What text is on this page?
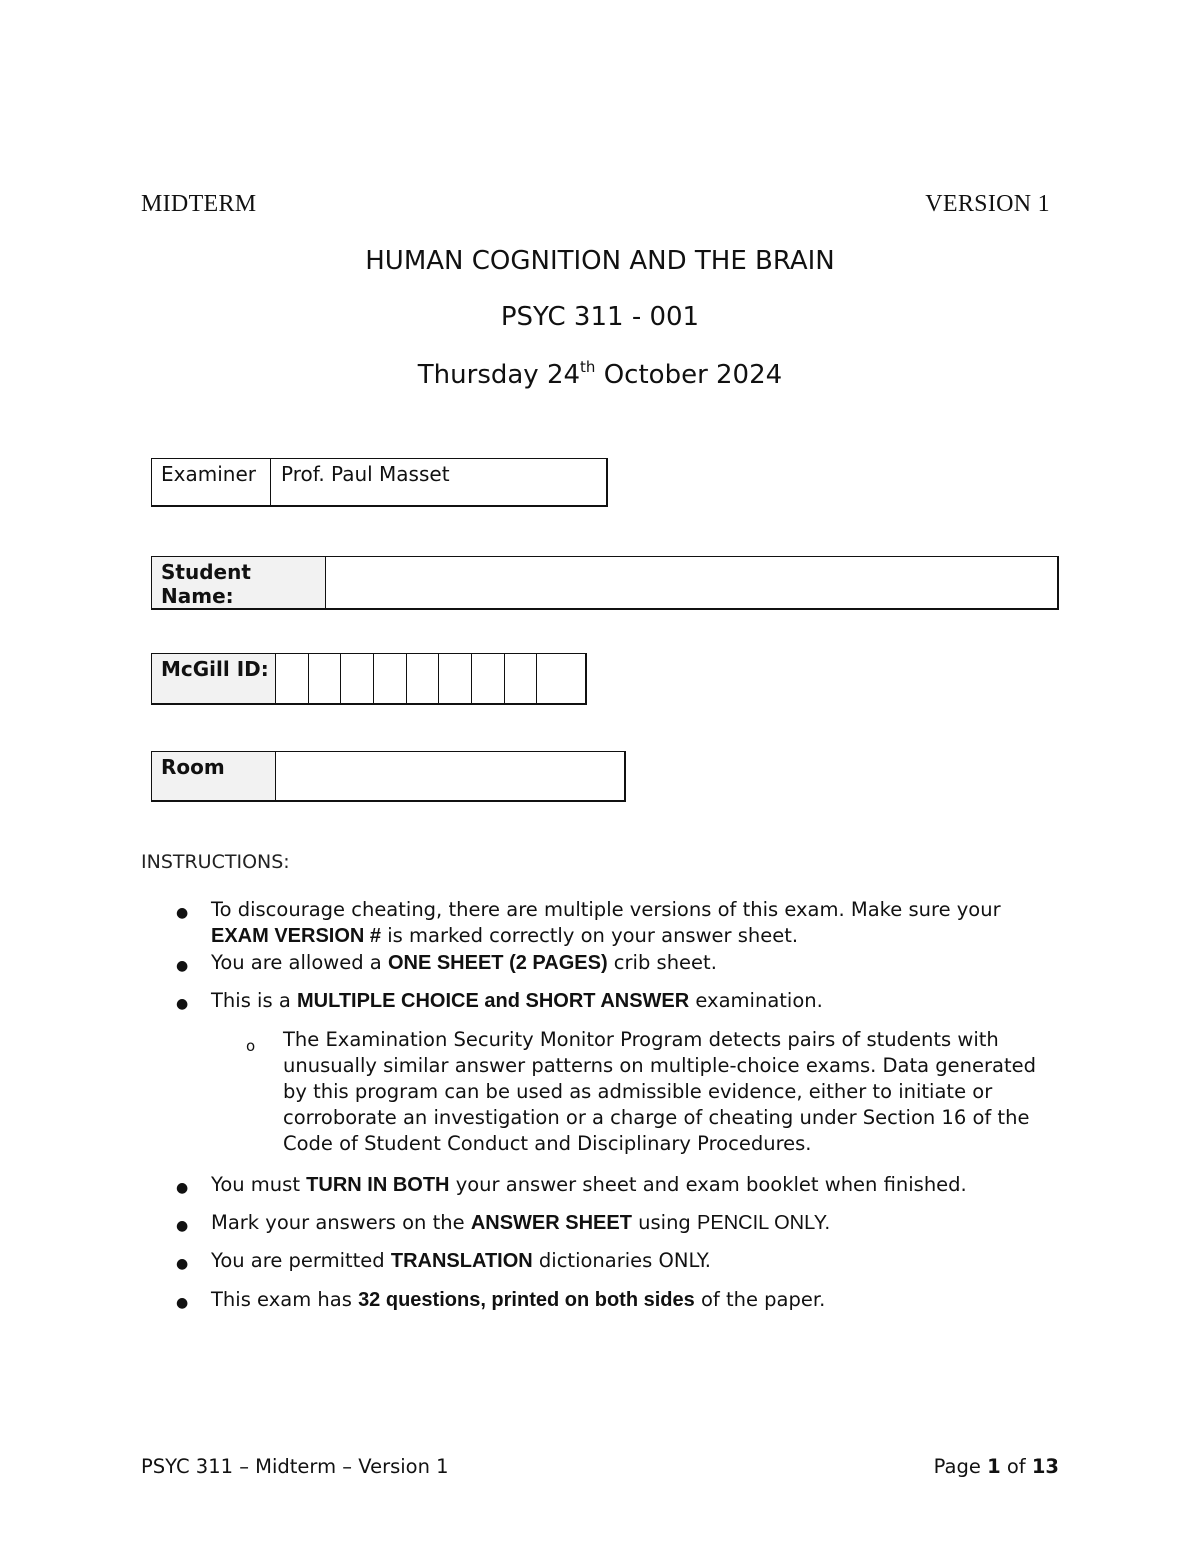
MIDTERM	VERSION 1
HUMAN COGNITION AND THE BRAIN
PSYC 311 - 001
Thursday 24th October 2024
Examiner	Prof. Paul Masset
Student Name:	
McGill ID:									
Room	
INSTRUCTIONS:
● To discourage cheating, there are multiple versions of this exam. Make sure your EXAM VERSION # is marked correctly on your answer sheet.
● You are allowed a ONE SHEET (2 PAGES) crib sheet.
● This is a MULTIPLE CHOICE and SHORT ANSWER examination.
o The Examination Security Monitor Program detects pairs of students with unusually similar answer patterns on multiple-choice exams. Data generated by this program can be used as admissible evidence, either to initiate or corroborate an investigation or a charge of cheating under Section 16 of the Code of Student Conduct and Disciplinary Procedures.
● You must TURN IN BOTH your answer sheet and exam booklet when finished.
● Mark your answers on the ANSWER SHEET using PENCIL ONLY.
● You are permitted TRANSLATION dictionaries ONLY.
● This exam has 32 questions, printed on both sides of the paper.
PSYC 311 – Midterm – Version 1	Page 1 of 13
